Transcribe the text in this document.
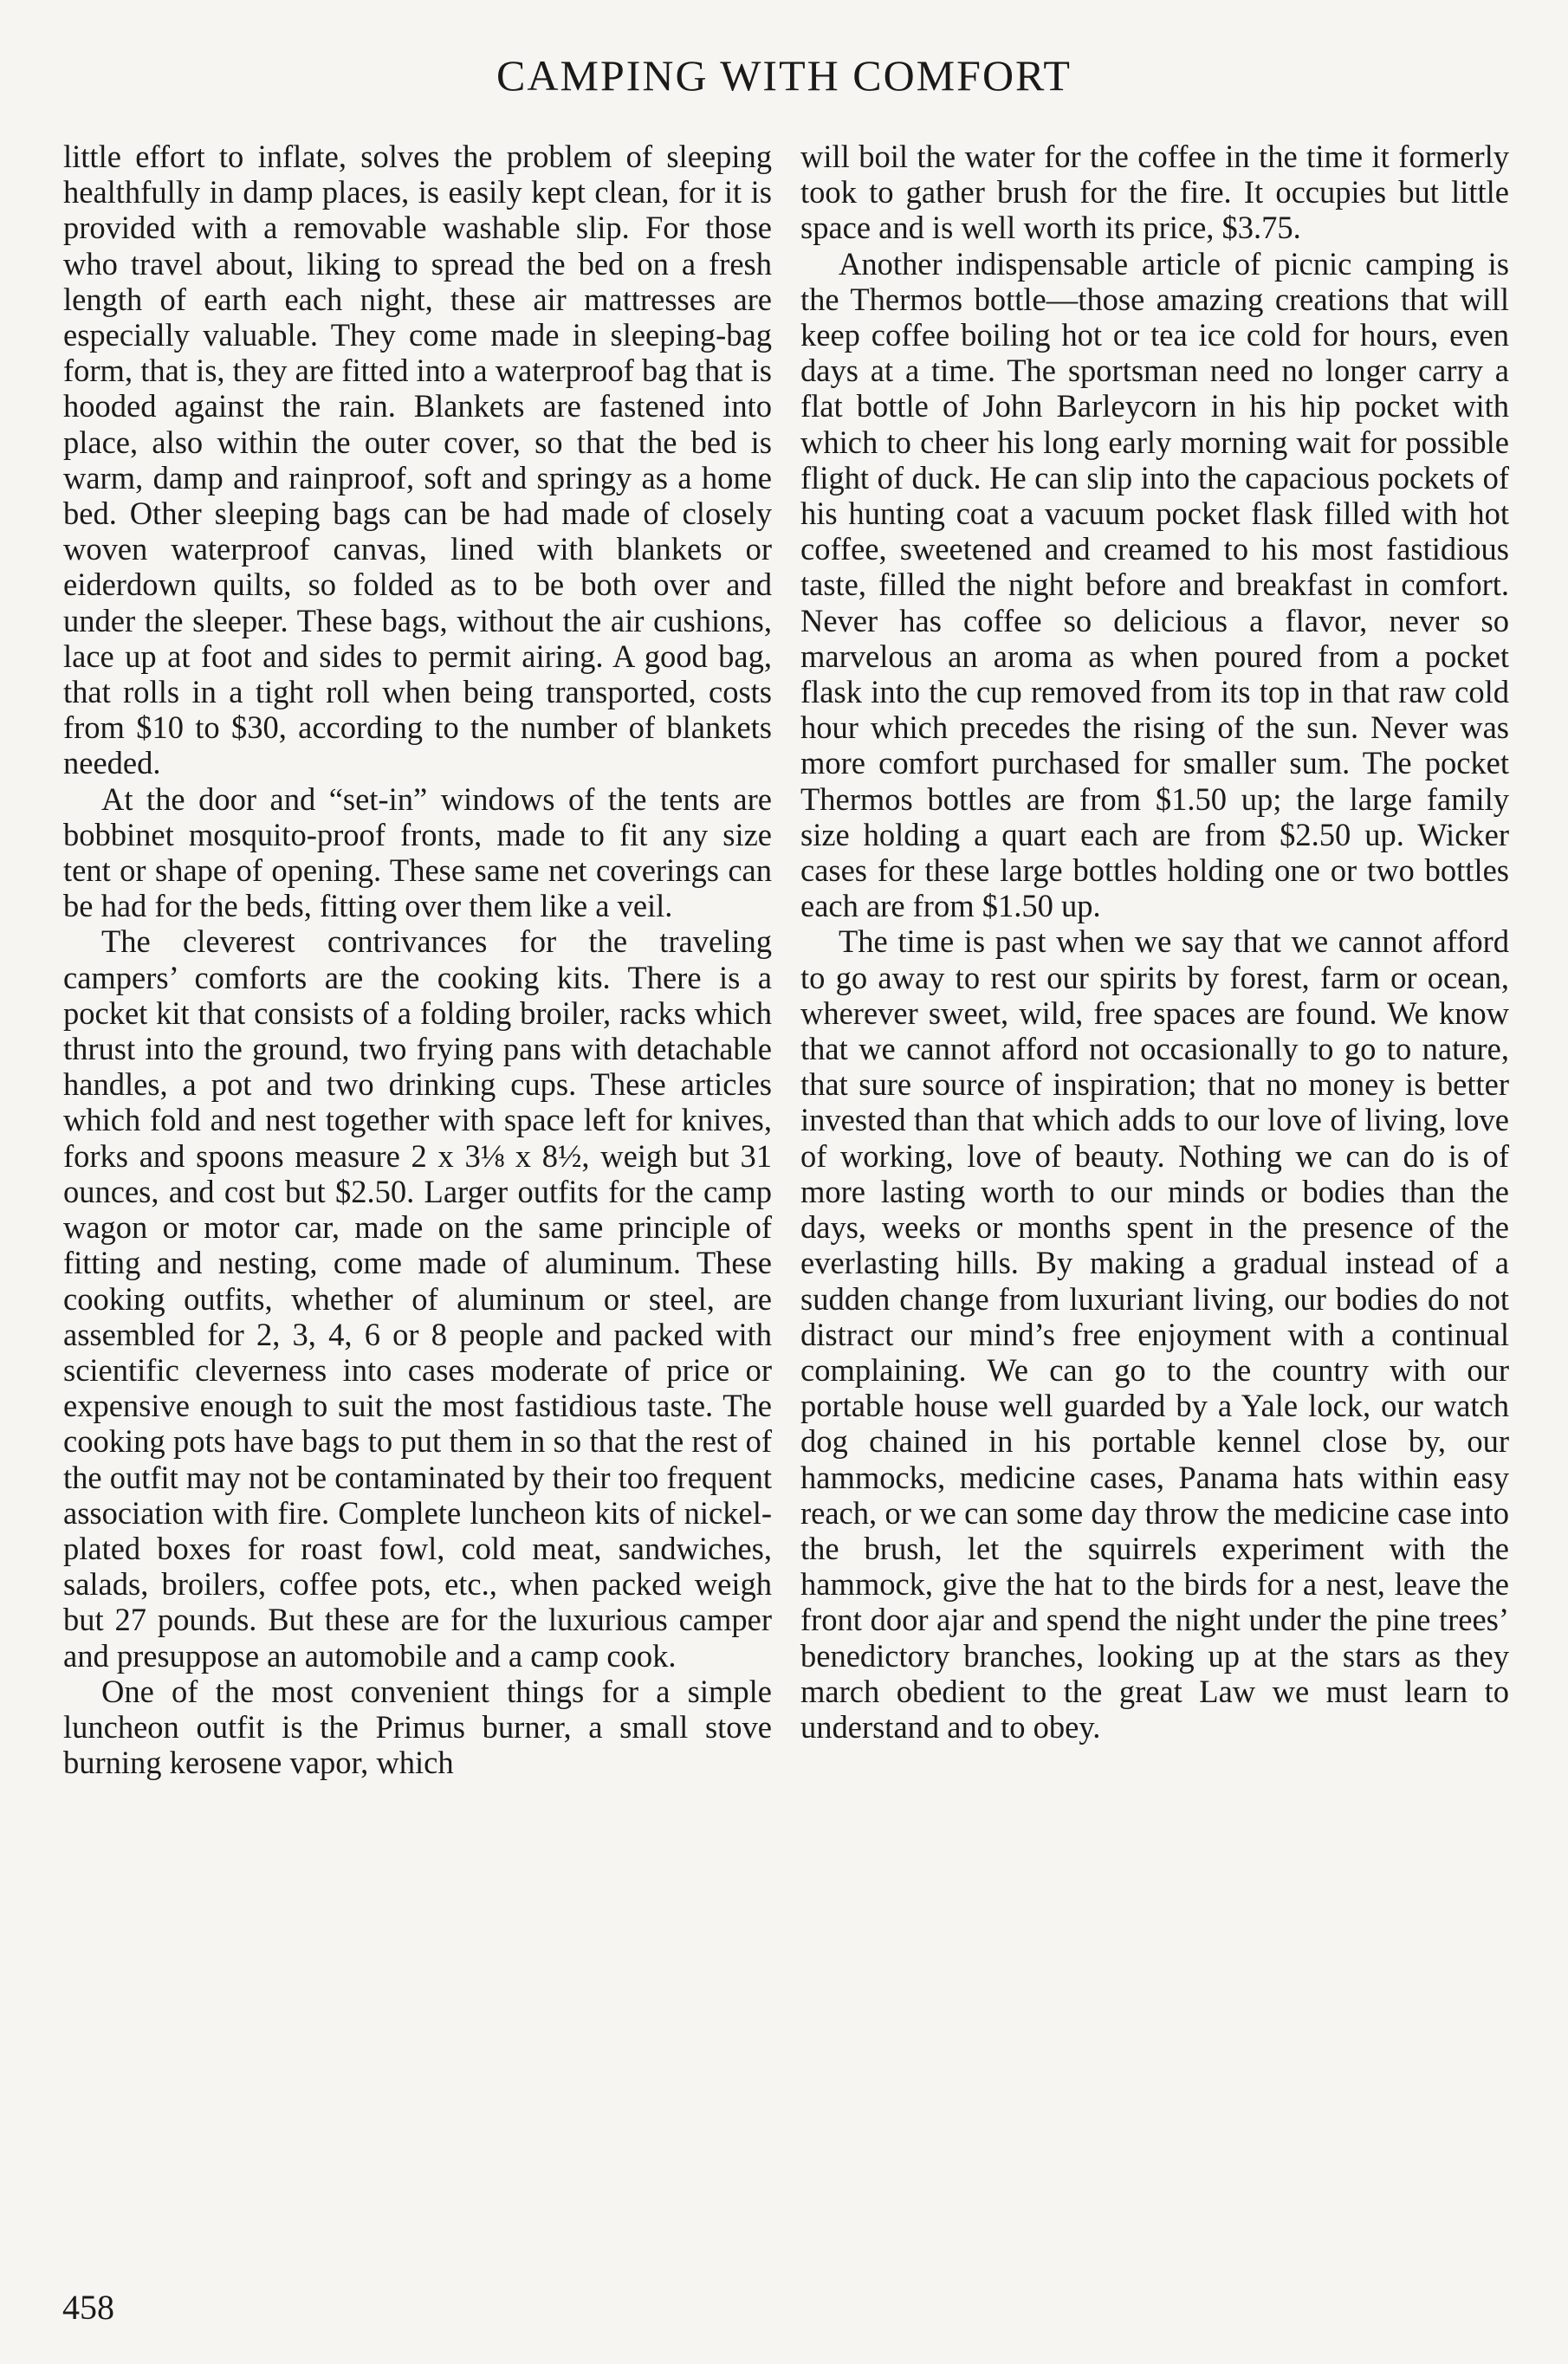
CAMPING WITH COMFORT

little effort to inflate, solves the problem of sleeping healthfully in damp places, is easily kept clean, for it is provided with a removable washable slip. For those who travel about, liking to spread the bed on a fresh length of earth each night, these air mattresses are especially valuable. They come made in sleeping-bag form, that is, they are fitted into a waterproof bag that is hooded against the rain. Blankets are fastened into place, also within the outer cover, so that the bed is warm, damp and rainproof, soft and springy as a home bed. Other sleeping bags can be had made of closely woven waterproof canvas, lined with blankets or eiderdown quilts, so folded as to be both over and under the sleeper. These bags, without the air cushions, lace up at foot and sides to permit airing. A good bag, that rolls in a tight roll when being transported, costs from $10 to $30, according to the number of blankets needed.

At the door and “set-in” windows of the tents are bobbinet mosquito-proof fronts, made to fit any size tent or shape of opening. These same net coverings can be had for the beds, fitting over them like a veil.

The cleverest contrivances for the traveling campers’ comforts are the cooking kits. There is a pocket kit that consists of a folding broiler, racks which thrust into the ground, two frying pans with detachable handles, a pot and two drinking cups. These articles which fold and nest together with space left for knives, forks and spoons measure 2 x 3⅛ x 8½, weigh but 31 ounces, and cost but $2.50. Larger outfits for the camp wagon or motor car, made on the same principle of fitting and nesting, come made of aluminum. These cooking outfits, whether of aluminum or steel, are assembled for 2, 3, 4, 6 or 8 people and packed with scientific cleverness into cases moderate of price or expensive enough to suit the most fastidious taste. The cooking pots have bags to put them in so that the rest of the outfit may not be contaminated by their too frequent association with fire. Complete luncheon kits of nickel-plated boxes for roast fowl, cold meat, sandwiches, salads, broilers, coffee pots, etc., when packed weigh but 27 pounds. But these are for the luxurious camper and presuppose an automobile and a camp cook.

One of the most convenient things for a simple luncheon outfit is the Primus burner, a small stove burning kerosene vapor, which

will boil the water for the coffee in the time it formerly took to gather brush for the fire. It occupies but little space and is well worth its price, $3.75.

Another indispensable article of picnic camping is the Thermos bottle—those amazing creations that will keep coffee boiling hot or tea ice cold for hours, even days at a time. The sportsman need no longer carry a flat bottle of John Barleycorn in his hip pocket with which to cheer his long early morning wait for possible flight of duck. He can slip into the capacious pockets of his hunting coat a vacuum pocket flask filled with hot coffee, sweetened and creamed to his most fastidious taste, filled the night before and breakfast in comfort. Never has coffee so delicious a flavor, never so marvelous an aroma as when poured from a pocket flask into the cup removed from its top in that raw cold hour which precedes the rising of the sun. Never was more comfort purchased for smaller sum. The pocket Thermos bottles are from $1.50 up; the large family size holding a quart each are from $2.50 up. Wicker cases for these large bottles holding one or two bottles each are from $1.50 up.

The time is past when we say that we cannot afford to go away to rest our spirits by forest, farm or ocean, wherever sweet, wild, free spaces are found. We know that we cannot afford not occasionally to go to nature, that sure source of inspiration; that no money is better invested than that which adds to our love of living, love of working, love of beauty. Nothing we can do is of more lasting worth to our minds or bodies than the days, weeks or months spent in the presence of the everlasting hills. By making a gradual instead of a sudden change from luxuriant living, our bodies do not distract our mind’s free enjoyment with a continual complaining. We can go to the country with our portable house well guarded by a Yale lock, our watch dog chained in his portable kennel close by, our hammocks, medicine cases, Panama hats within easy reach, or we can some day throw the medicine case into the brush, let the squirrels experiment with the hammock, give the hat to the birds for a nest, leave the front door ajar and spend the night under the pine trees’ benedictory branches, looking up at the stars as they march obedient to the great Law we must learn to understand and to obey.

458
